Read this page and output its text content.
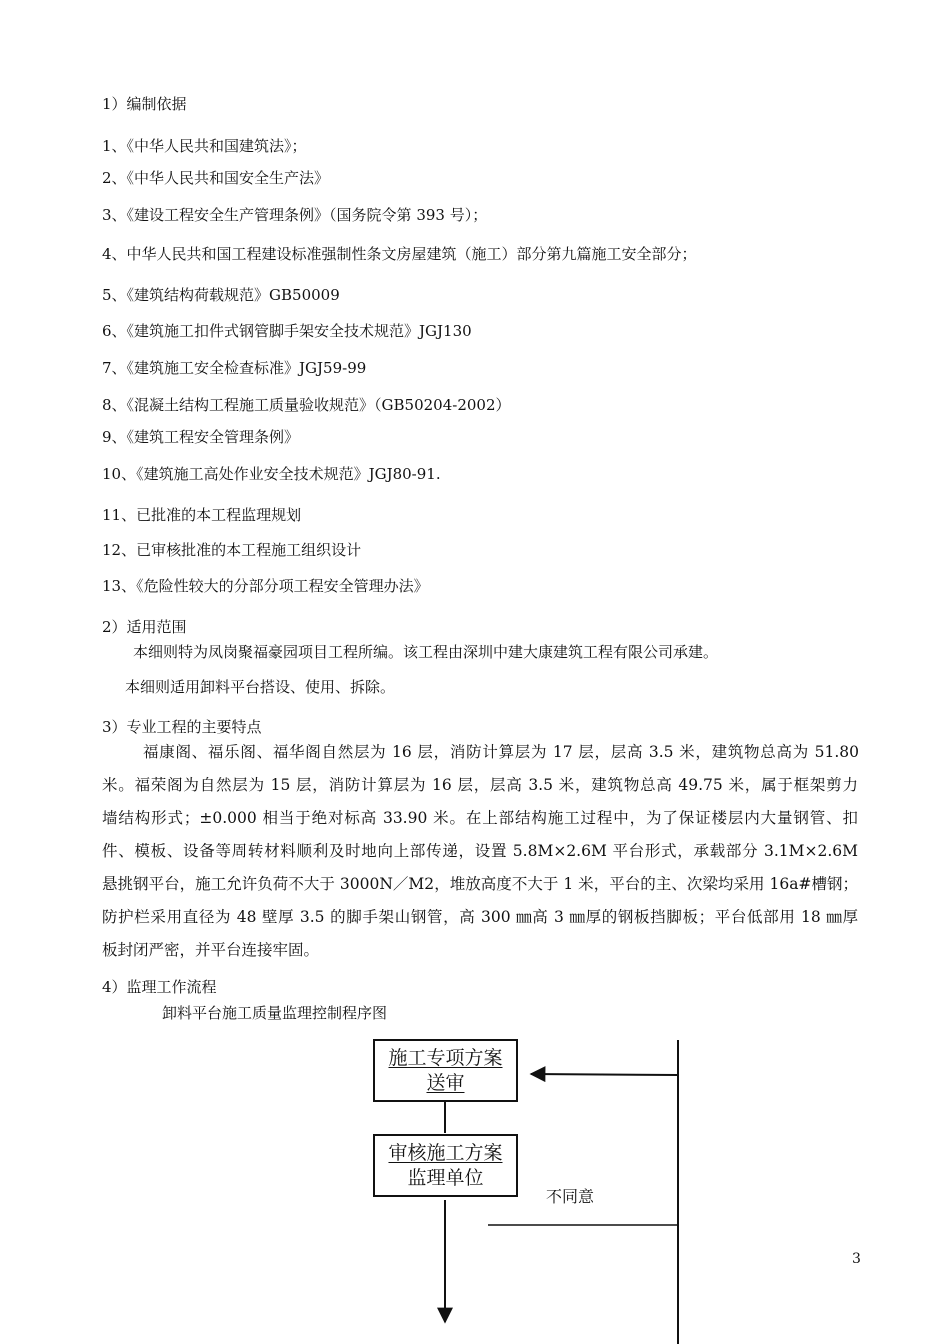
1）编制依据
1、《中华人民共和国建筑法》；
2、《中华人民共和国安全生产法》
3、《建设工程安全生产管理条例》（国务院令第 393 号）；
4、中华人民共和国工程建设标准强制性条文房屋建筑（施工）部分第九篇施工安全部分；
5、《建筑结构荷载规范》GB50009
6、《建筑施工扣件式钢管脚手架安全技术规范》JGJ130
7、《建筑施工安全检查标准》JGJ59-99
8、《混凝土结构工程施工质量验收规范》（GB50204-2002）
9、《建筑工程安全管理条例》
10、《建筑施工高处作业安全技术规范》JGJ80-91.
11、已批准的本工程监理规划
12、已审核批准的本工程施工组织设计
13、《危险性较大的分部分项工程安全管理办法》
2）适用范围
本细则特为凤岗聚福豪园项目工程所编。该工程由深圳中建大康建筑工程有限公司承建。
本细则适用卸料平台搭设、使用、拆除。
3）专业工程的主要特点
福康阁、福乐阁、福华阁自然层为 16 层，消防计算层为 17 层，层高 3.5 米，建筑物总高为 51.80
米。福荣阁为自然层为 15 层，消防计算层为 16 层，层高 3.5 米，建筑物总高 49.75 米，属于框架剪力
墙结构形式；±0.000 相当于绝对标高 33.90 米。在上部结构施工过程中，为了保证楼层内大量钢管、扣
件、模板、设备等周转材料顺利及时地向上部传递，设置 5.8M×2.6M 平台形式，承载部分 3.1M×2.6M
悬挑钢平台，施工允许负荷不大于 3000N／M2，堆放高度不大于 1 米，平台的主、次梁均采用 16a#槽钢；
防护栏采用直径为 48 壁厚 3.5 的脚手架山钢管，高 300 ㎜高 3 ㎜厚的钢板挡脚板；平台低部用 18 ㎜厚
板封闭严密，并平台连接牢固。
4）监理工作流程
卸料平台施工质量监理控制程序图
施工专项方案
送审
审核施工方案
监理单位
不同意
3
